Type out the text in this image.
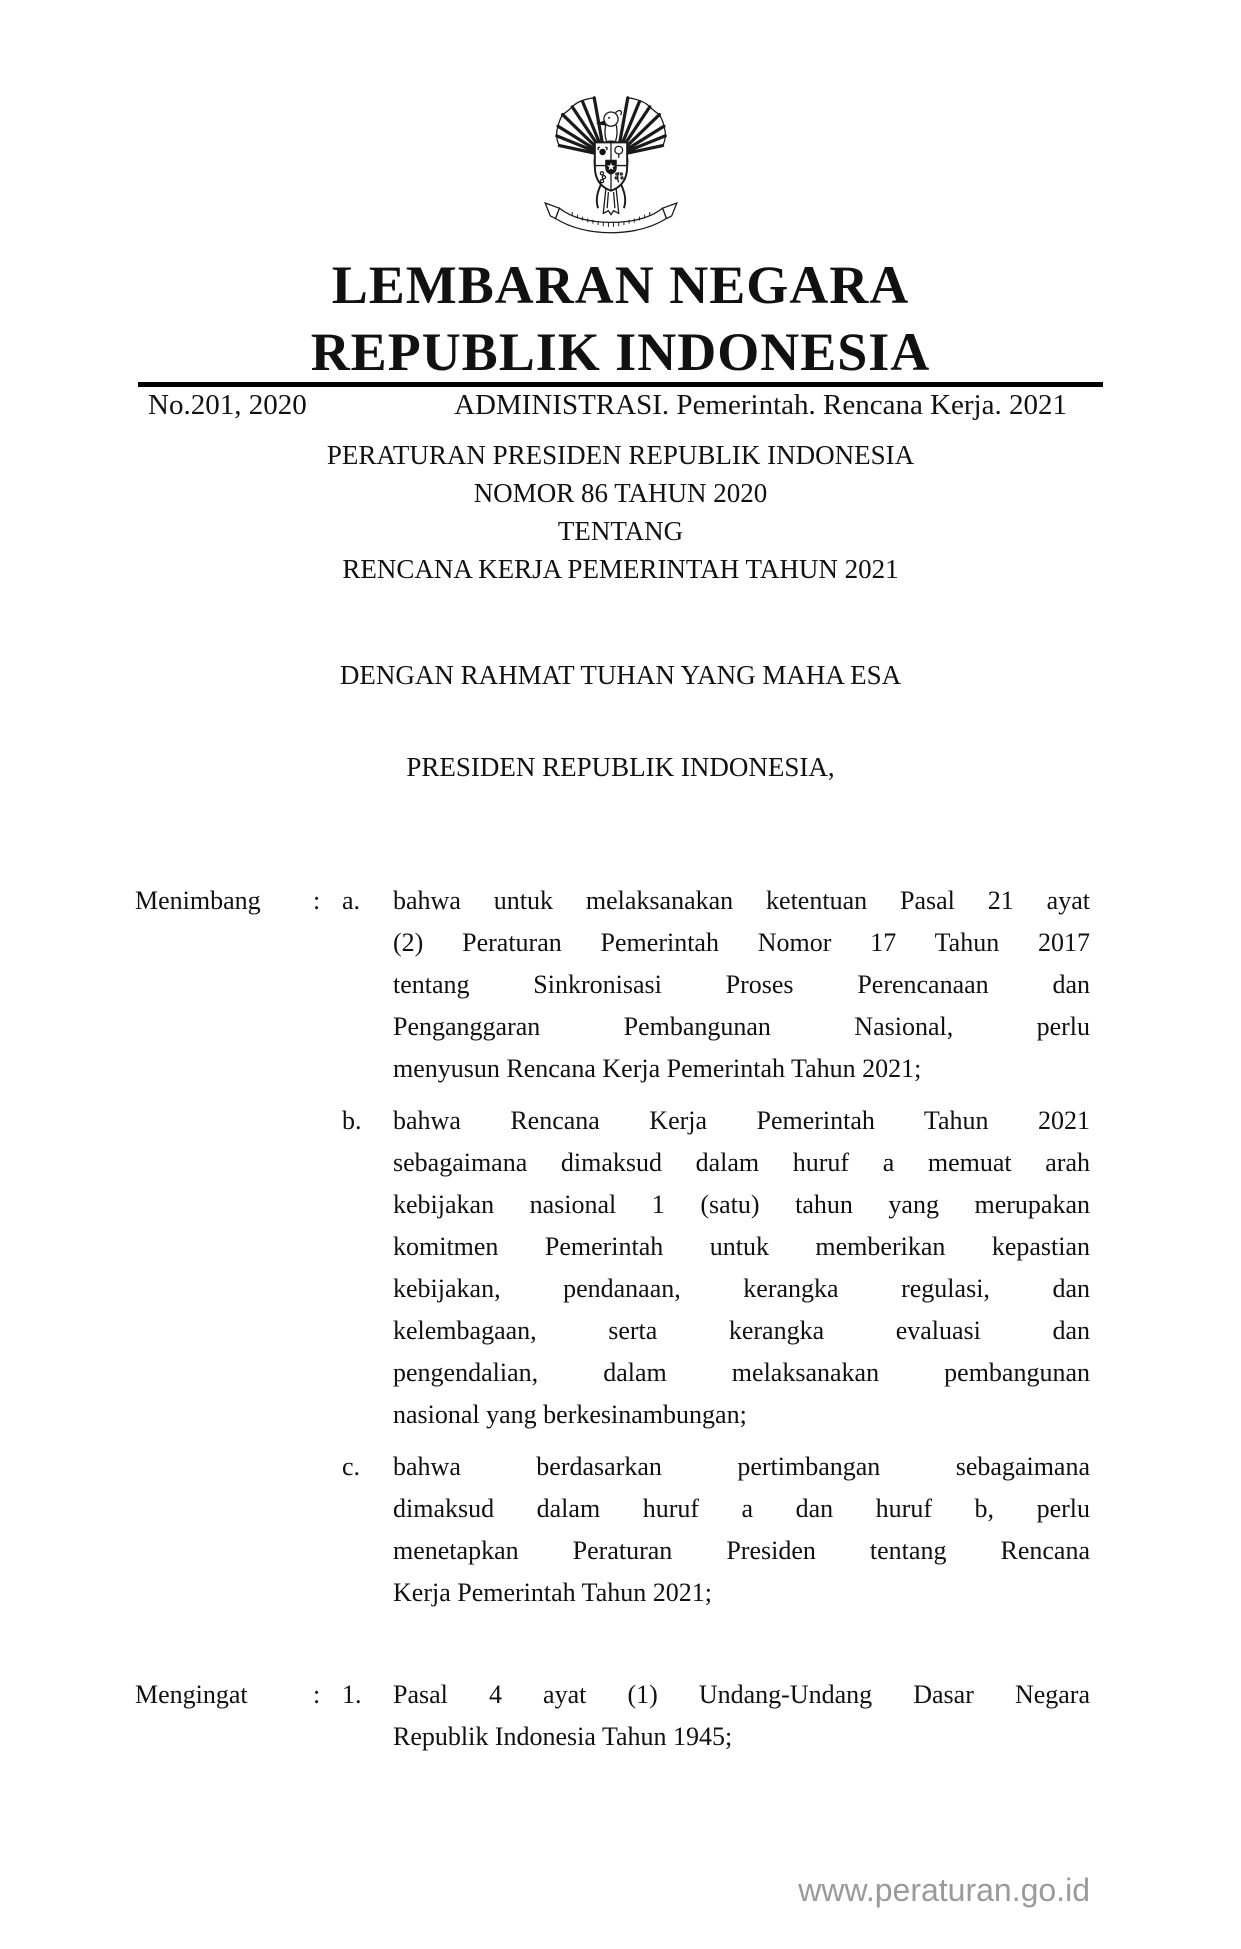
LEMBARAN NEGARA
REPUBLIK INDONESIA
No.201, 2020	ADMINISTRASI. Pemerintah. Rencana Kerja. 2021
PERATURAN PRESIDEN REPUBLIK INDONESIA
NOMOR 86 TAHUN 2020
TENTANG
RENCANA KERJA PEMERINTAH TAHUN 2021
DENGAN RAHMAT TUHAN YANG MAHA ESA
PRESIDEN REPUBLIK INDONESIA,
Menimbang	: a.	bahwa untuk melaksanakan ketentuan Pasal 21 ayat
(2) Peraturan Pemerintah Nomor 17 Tahun 2017
tentang Sinkronisasi Proses Perencanaan dan
Penganggaran Pembangunan Nasional, perlu
menyusun Rencana Kerja Pemerintah Tahun 2021;
b.	bahwa Rencana Kerja Pemerintah Tahun 2021
sebagaimana dimaksud dalam huruf a memuat arah
kebijakan nasional 1 (satu) tahun yang merupakan
komitmen Pemerintah untuk memberikan kepastian
kebijakan, pendanaan, kerangka regulasi, dan
kelembagaan, serta kerangka evaluasi dan
pengendalian, dalam melaksanakan pembangunan
nasional yang berkesinambungan;
c.	bahwa berdasarkan pertimbangan sebagaimana
dimaksud dalam huruf a dan huruf b, perlu
menetapkan Peraturan Presiden tentang Rencana
Kerja Pemerintah Tahun 2021;
Mengingat	: 1.	Pasal 4 ayat (1) Undang-Undang Dasar Negara
Republik Indonesia Tahun 1945;
www.peraturan.go.id
